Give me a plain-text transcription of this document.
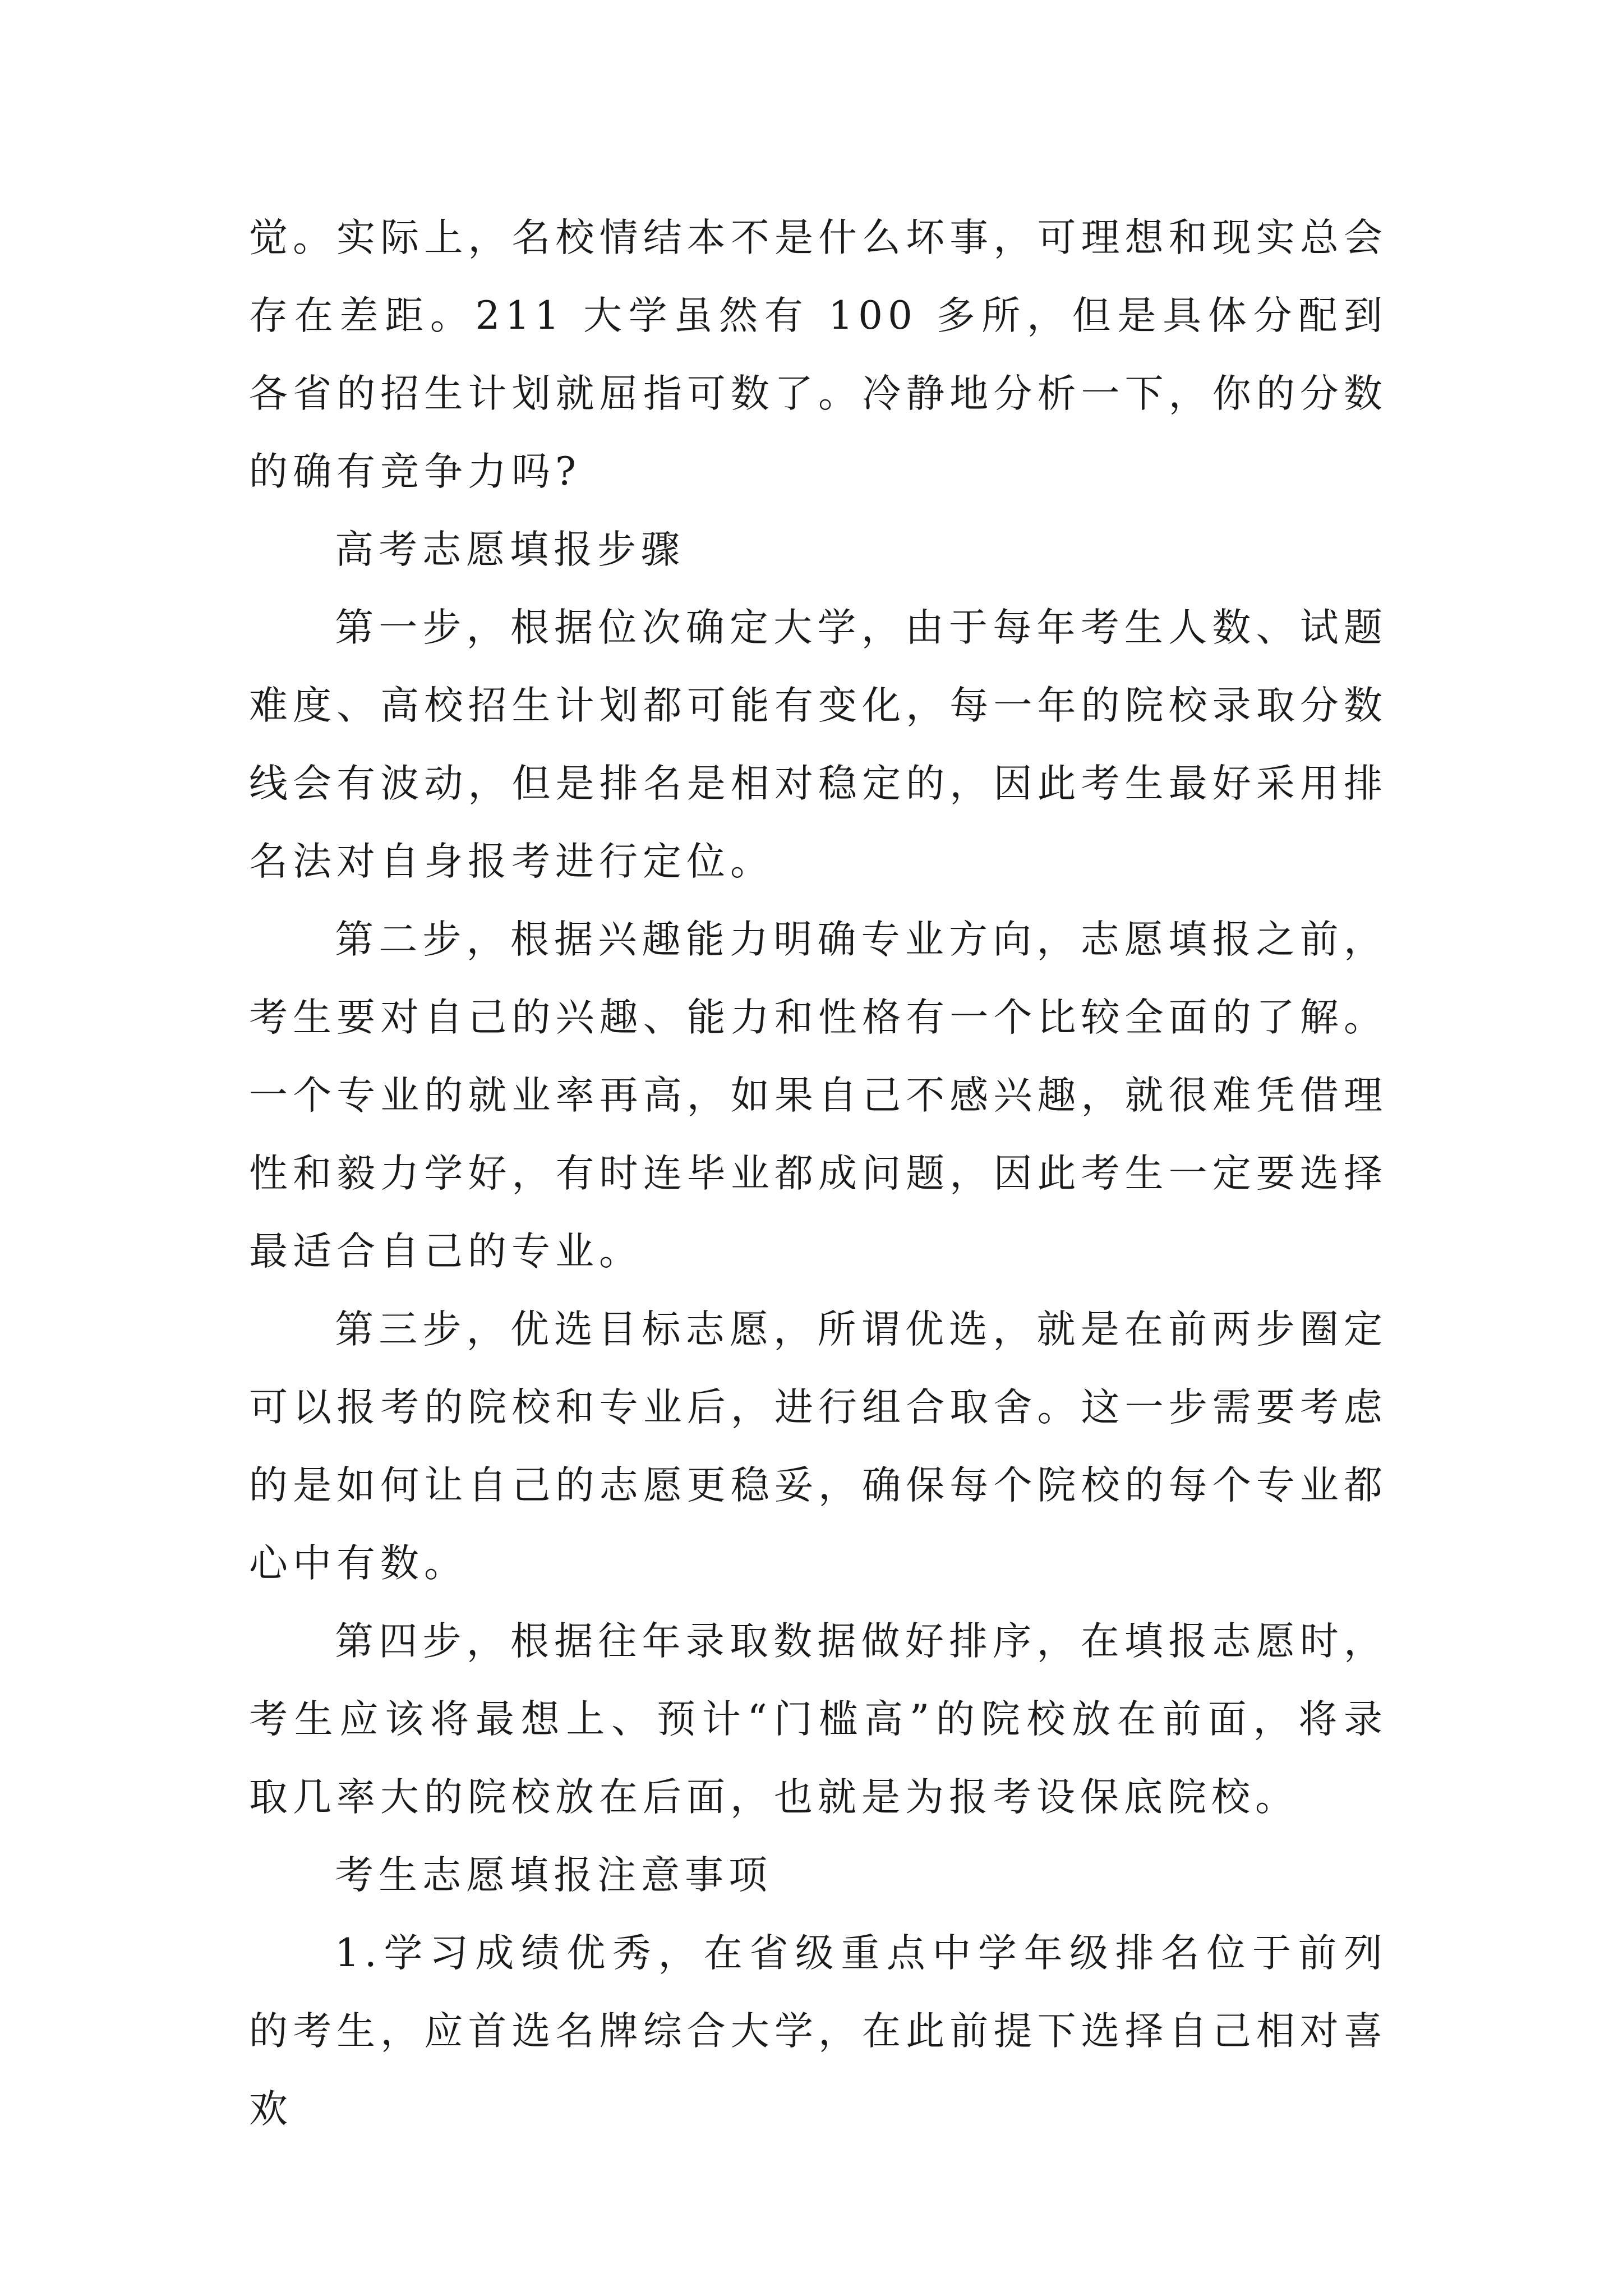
觉。实际上，名校情结本不是什么坏事，可理想和现实总会存在差距。211 大学虽然有 100 多所，但是具体分配到各省的招生计划就屈指可数了。冷静地分析一下，你的分数的确有竞争力吗?

高考志愿填报步骤

第一步，根据位次确定大学，由于每年考生人数、试题难度、高校招生计划都可能有变化，每一年的院校录取分数线会有波动，但是排名是相对稳定的，因此考生最好采用排名法对自身报考进行定位。

第二步，根据兴趣能力明确专业方向，志愿填报之前，考生要对自己的兴趣、能力和性格有一个比较全面的了解。一个专业的就业率再高，如果自己不感兴趣，就很难凭借理性和毅力学好，有时连毕业都成问题，因此考生一定要选择最适合自己的专业。

第三步，优选目标志愿，所谓优选，就是在前两步圈定可以报考的院校和专业后，进行组合取舍。这一步需要考虑的是如何让自己的志愿更稳妥，确保每个院校的每个专业都心中有数。

第四步，根据往年录取数据做好排序，在填报志愿时，考生应该将最想上、预计“门槛高”的院校放在前面，将录取几率大的院校放在后面，也就是为报考设保底院校。

考生志愿填报注意事项

1.学习成绩优秀，在省级重点中学年级排名位于前列的考生，应首选名牌综合大学，在此前提下选择自己相对喜欢
